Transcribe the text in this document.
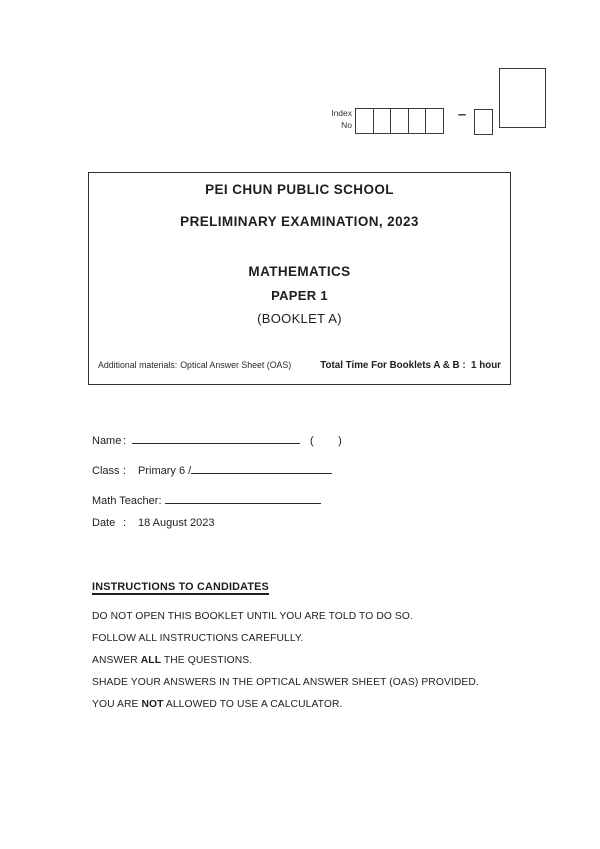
Index
No
–
PEI CHUN PUBLIC SCHOOL
PRELIMINARY EXAMINATION, 2023
MATHEMATICS
PAPER 1
(BOOKLET A)
Additional materials: Optical Answer Sheet (OAS)	Total Time For Booklets A & B :  1 hour
Name :	(        )
Class :	Primary 6 /
Math Teacher:
Date :	18 August 2023
INSTRUCTIONS TO CANDIDATES
DO NOT OPEN THIS BOOKLET UNTIL YOU ARE TOLD TO DO SO.
FOLLOW ALL INSTRUCTIONS CAREFULLY.
ANSWER ALL THE QUESTIONS.
SHADE YOUR ANSWERS IN THE OPTICAL ANSWER SHEET (OAS) PROVIDED.
YOU ARE NOT ALLOWED TO USE A CALCULATOR.
